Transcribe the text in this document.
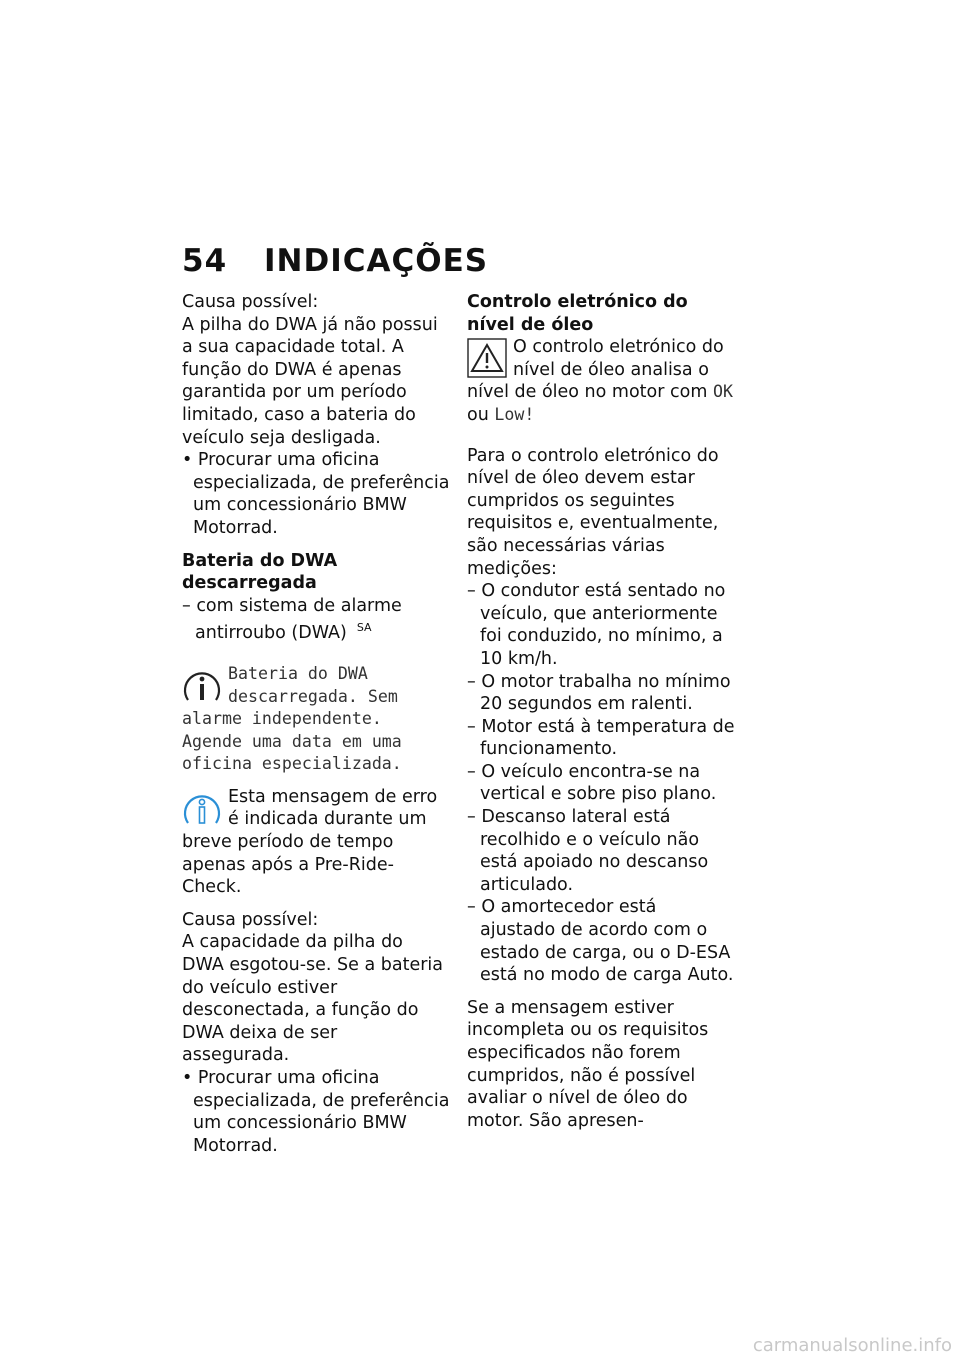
54 INDICAÇÕES

Causa possível:

A pilha do DWA já não possui a sua capacidade total. A função do DWA é apenas garantida por um período limitado, caso a bateria do veículo seja desligada.

• Procurar uma oficina especializada, de preferência um concessionário BMW Motorrad.

Bateria do DWA descarregada

– com sistema de alarme antirroubo (DWA) $^{SA}$

Bateria do DWA descarregada. Sem alarme independente. Agende uma data em uma oficina especializada.

Esta mensagem de erro é indicada durante um breve período de tempo apenas após a Pre-Ride-Check.

Causa possível:

A capacidade da pilha do DWA esgotou-se. Se a bateria do veículo estiver desconectada, a função do DWA deixa de ser assegurada.

• Procurar uma oficina especializada, de preferência um concessionário BMW Motorrad.

Controlo eletrónico do nível de óleo

O controlo eletrónico do nível de óleo analisa o nível de óleo no motor com OK ou Low!

Para o controlo eletrónico do nível de óleo devem estar cumpridos os seguintes requisitos e, eventualmente, são necessárias várias medições:

– O condutor está sentado no veículo, que anteriormente foi conduzido, no mínimo, a 10 km/h.

– O motor trabalha no mínimo 20 segundos em ralenti.

– Motor está à temperatura de funcionamento.

– O veículo encontra-se na vertical e sobre piso plano.

– Descanso lateral está recolhido e o veículo não está apoiado no descanso articulado.

– O amortecedor está ajustado de acordo com o estado de carga, ou o D-ESA está no modo de carga Auto.

Se a mensagem estiver incompleta ou os requisitos especificados não forem cumpridos, não é possível avaliar o nível de óleo do motor. São apresen-

carmanualsonline.info
